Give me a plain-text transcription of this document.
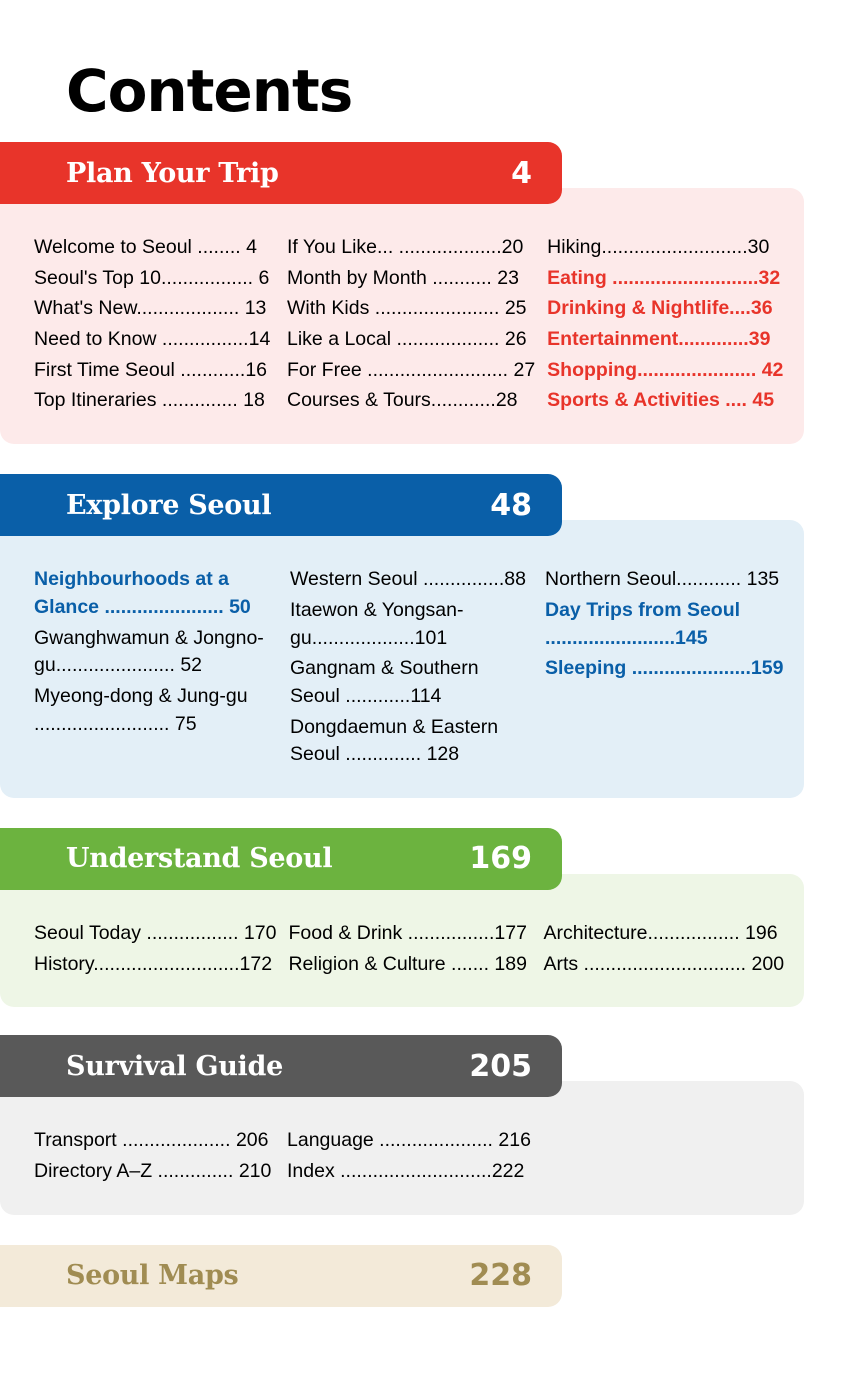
Contents
Plan Your Trip	4
Welcome to Seoul ........ 4
Seoul's Top 10................. 6
What's New................... 13
Need to Know ................14
First Time Seoul ............16
Top Itineraries .............. 18
If You Like... ...................20
Month by Month ........... 23
With Kids ....................... 25
Like a Local ................... 26
For Free .......................... 27
Courses & Tours............28
Hiking...........................30
Eating ...........................32
Drinking & Nightlife....36
Entertainment.............39
Shopping...................... 42
Sports & Activities .... 45
Explore Seoul	48
Neighbourhoods at a Glance ...................... 50
Gwanghwamun & Jongno-gu...................... 52
Myeong-dong & Jung-gu ......................... 75
Western Seoul ...............88
Itaewon & Yongsan-gu...................101
Gangnam & Southern Seoul ............114
Dongdaemun & Eastern Seoul .............. 128
Northern Seoul............ 135
Day Trips from Seoul ........................145
Sleeping ......................159
Understand Seoul	169
Seoul Today ................. 170
History...........................172
Food & Drink ................177
Religion & Culture ....... 189
Architecture................. 196
Arts .............................. 200
Survival Guide	205
Transport .................... 206
Directory A–Z .............. 210
Language ..................... 216
Index ............................222
Seoul Maps	228
